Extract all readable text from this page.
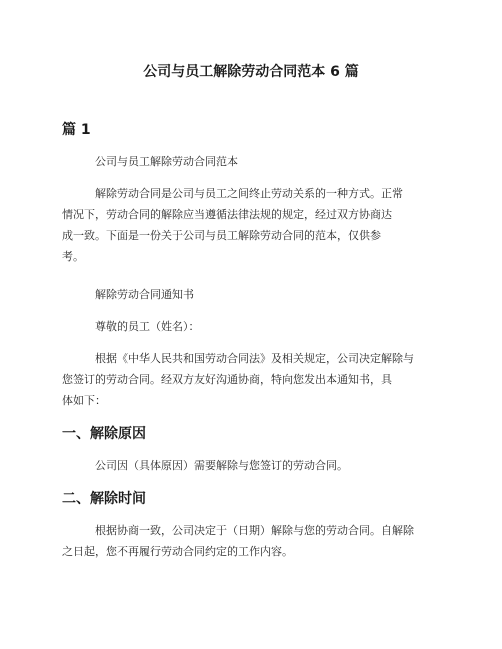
公司与员工解除劳动合同范本 6 篇
篇 1

公司与员工解除劳动合同范本

解除劳动合同是公司与员工之间终止劳动关系的一种方式。正常
情况下，劳动合同的解除应当遵循法律法规的规定，经过双方协商达
成一致。下面是一份关于公司与员工解除劳动合同的范本，仅供参
考。

解除劳动合同通知书

尊敬的员工（姓名）：

根据《中华人民共和国劳动合同法》及相关规定，公司决定解除与
您签订的劳动合同。经双方友好沟通协商，特向您发出本通知书，具
体如下：

一、解除原因

公司因（具体原因）需要解除与您签订的劳动合同。

二、解除时间

根据协商一致，公司决定于（日期）解除与您的劳动合同。自解除
之日起，您不再履行劳动合同约定的工作内容。
